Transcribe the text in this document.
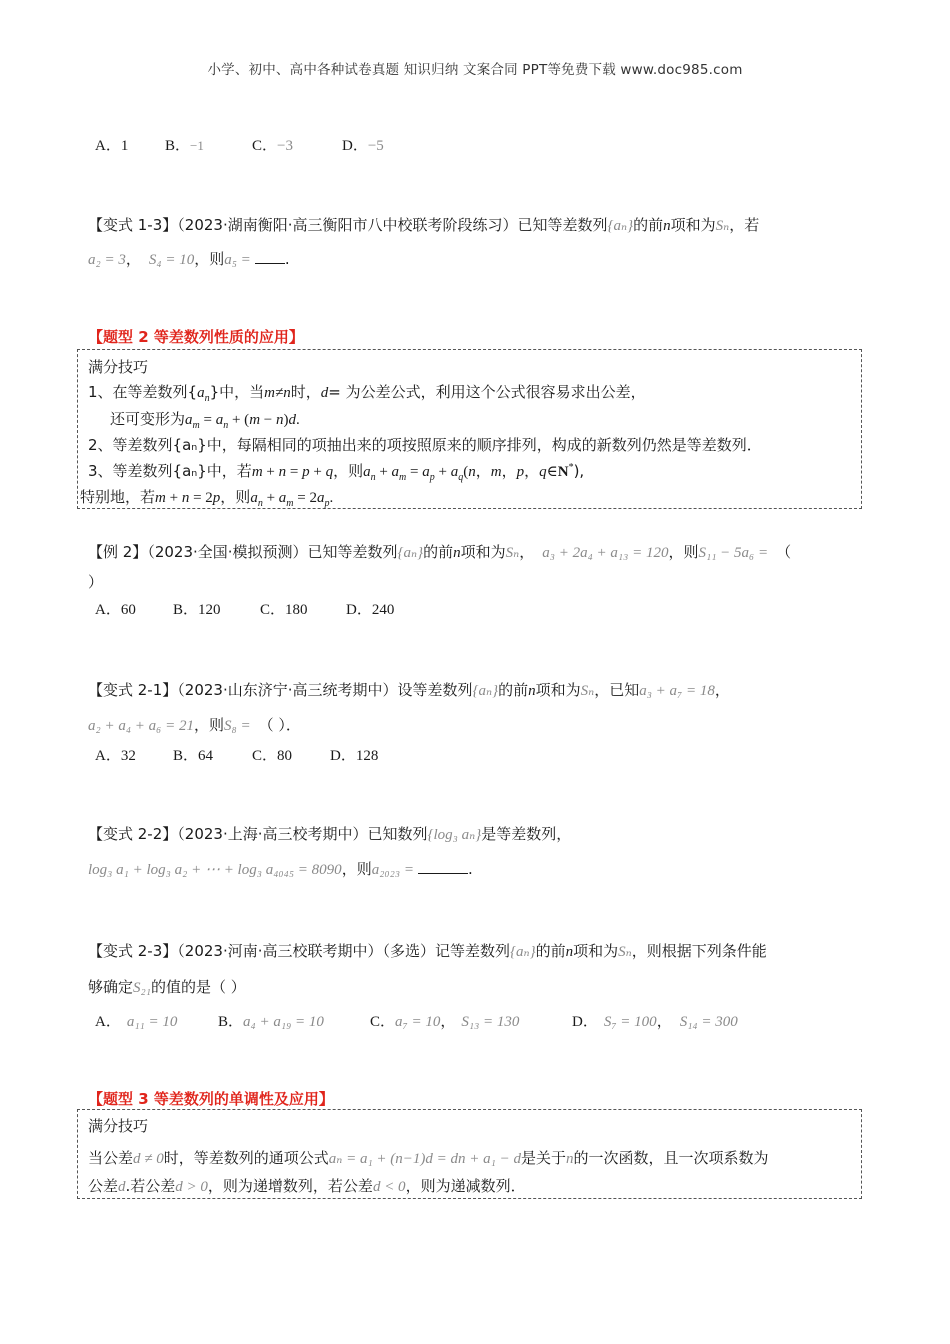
小学、初中、高中各种试卷真题 知识归纳 文案合同 PPT等免费下载 www.doc985.com
A．1 B．−1	C．−3	D．−5
【变式 1-3】（2023·湖南衡阳·高三衡阳市八中校联考阶段练习）已知等差数列{aₙ}的前n项和为Sₙ，若
a₂ = 3， S₄ = 10，则a₅ = .
【题型 2 等差数列性质的应用】
满分技巧
1、在等差数列$\{a_n\}$中，当m≠n时，d= 为公差公式，利用这个公式很容易求出公差，
还可变形为$a_m = a_n + (m - n)d$.
2、等差数列{aₙ}中，每隔相同的项抽出来的项按照原来的顺序排列，构成的新数列仍然是等差数列．
3、等差数列{aₙ}中，若m + n = p + q，则$a_n + a_m = a_p + a_q(n$，m，p，q∈N*),
特别地，若m + n = 2p，则$a_n + a_m = 2a_p$.
【例 2】（2023·全国·模拟预测）已知等差数列{aₙ}的前n项和为Sₙ， a₃ + 2a₄ + a₁₃ = 120，则S₁₁ − 5a₆ = （
）
A．60 B．120	C．180	D．240
【变式 2-1】（2023·山东济宁·高三统考期中）设等差数列{aₙ}的前n项和为Sₙ，已知a₃ + a₇ = 18，
a₂ + a₄ + a₆ = 21，则S₈ = （ ）．
A．32 B．64	C．80	D．128
【变式 2-2】（2023·上海·高三校考期中）已知数列{log₃ aₙ}是等差数列，
log₃ a₁ + log₃ a₂ + ⋯ + log₃ a₄₀₄₅ = 8090，则a₂₀₂₃ =	.
【变式 2-3】（2023·河南·高三校联考期中）（多选）记等差数列{aₙ}的前n项和为Sₙ，则根据下列条件能
够确定S₂₁的值的是（ ）
A． a₁₁ = 10	B．a₄ + a₁₉ = 10	C．a₇ = 10， S₁₃ = 130	D． S₇ = 100， S₁₄ = 300
【题型 3 等差数列的单调性及应用】
满分技巧
当公差d ≠ 0时，等差数列的通项公式aₙ = a₁ + (n−1)d = dn + a₁ − d是关于n的一次函数，且一次项系数为
公差d.若公差d > 0，则为递增数列，若公差d < 0，则为递减数列．
